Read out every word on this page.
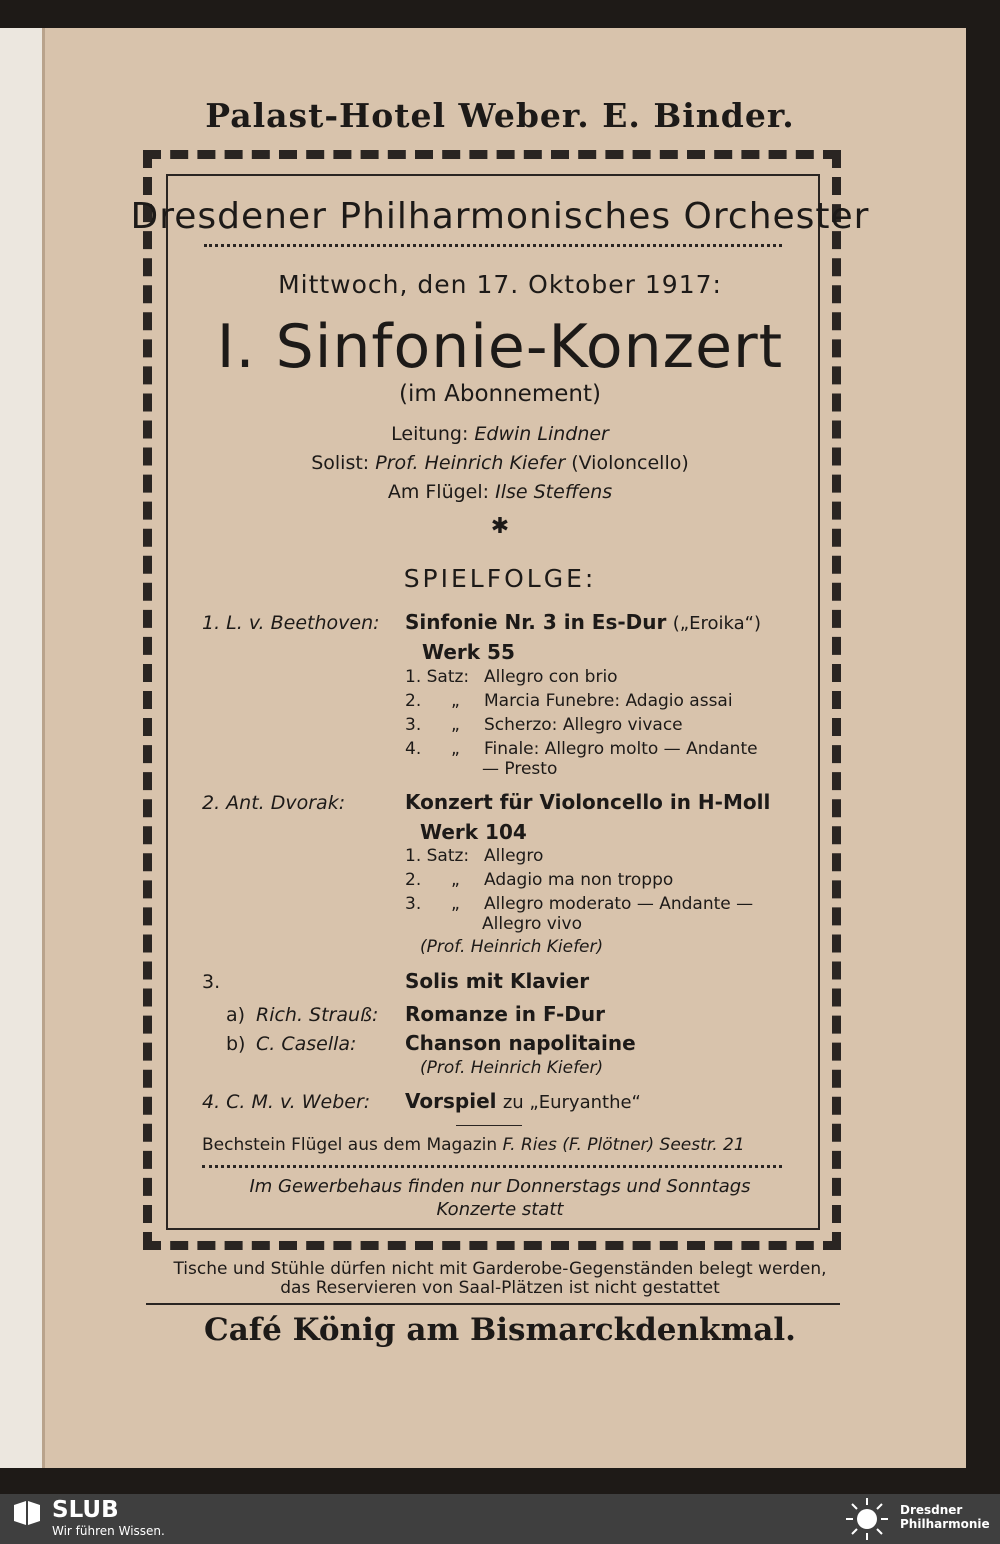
Palast-Hotel Weber. E. Binder.
Dresdener Philharmonisches Orchester
Mittwoch, den 17. Oktober 1917:
I. Sinfonie-Konzert
(im Abonnement)
Leitung: Edwin Lindner
Solist: Prof. Heinrich Kiefer (Violoncello)
Am Flügel: Ilse Steffens
✱
SPIELFOLGE:
1. L. v. Beethoven: Sinfonie Nr. 3 in Es-Dur („Eroika“)
Werk 55
1. Satz: Allegro con brio
2. „ Marcia Funebre: Adagio assai
3. „ Scherzo: Allegro vivace
4. „ Finale: Allegro molto — Andante
— Presto
2. Ant. Dvorak:	Konzert für Violoncello in H-Moll
Werk 104
1. Satz: Allegro
2. „ Adagio ma non troppo
3. „ Allegro moderato — Andante —
Allegro vivo
(Prof. Heinrich Kiefer)
3.	Solis mit Klavier
a) Rich. Strauß: Romanze in F-Dur
b) C. Casella: Chanson napolitaine
(Prof. Heinrich Kiefer)
4. C. M. v. Weber: Vorspiel zu „Euryanthe“
Bechstein Flügel aus dem Magazin F. Ries (F. Plötner) Seestr. 21
Im Gewerbehaus finden nur Donnerstags und Sonntags
Konzerte statt
Tische und Stühle dürfen nicht mit Garderobe-Gegenständen belegt werden,
das Reservieren von Saal-Plätzen ist nicht gestattet
Café König am Bismarckdenkmal.
SLUB
Wir führen Wissen.
Dresdner
Philharmonie
